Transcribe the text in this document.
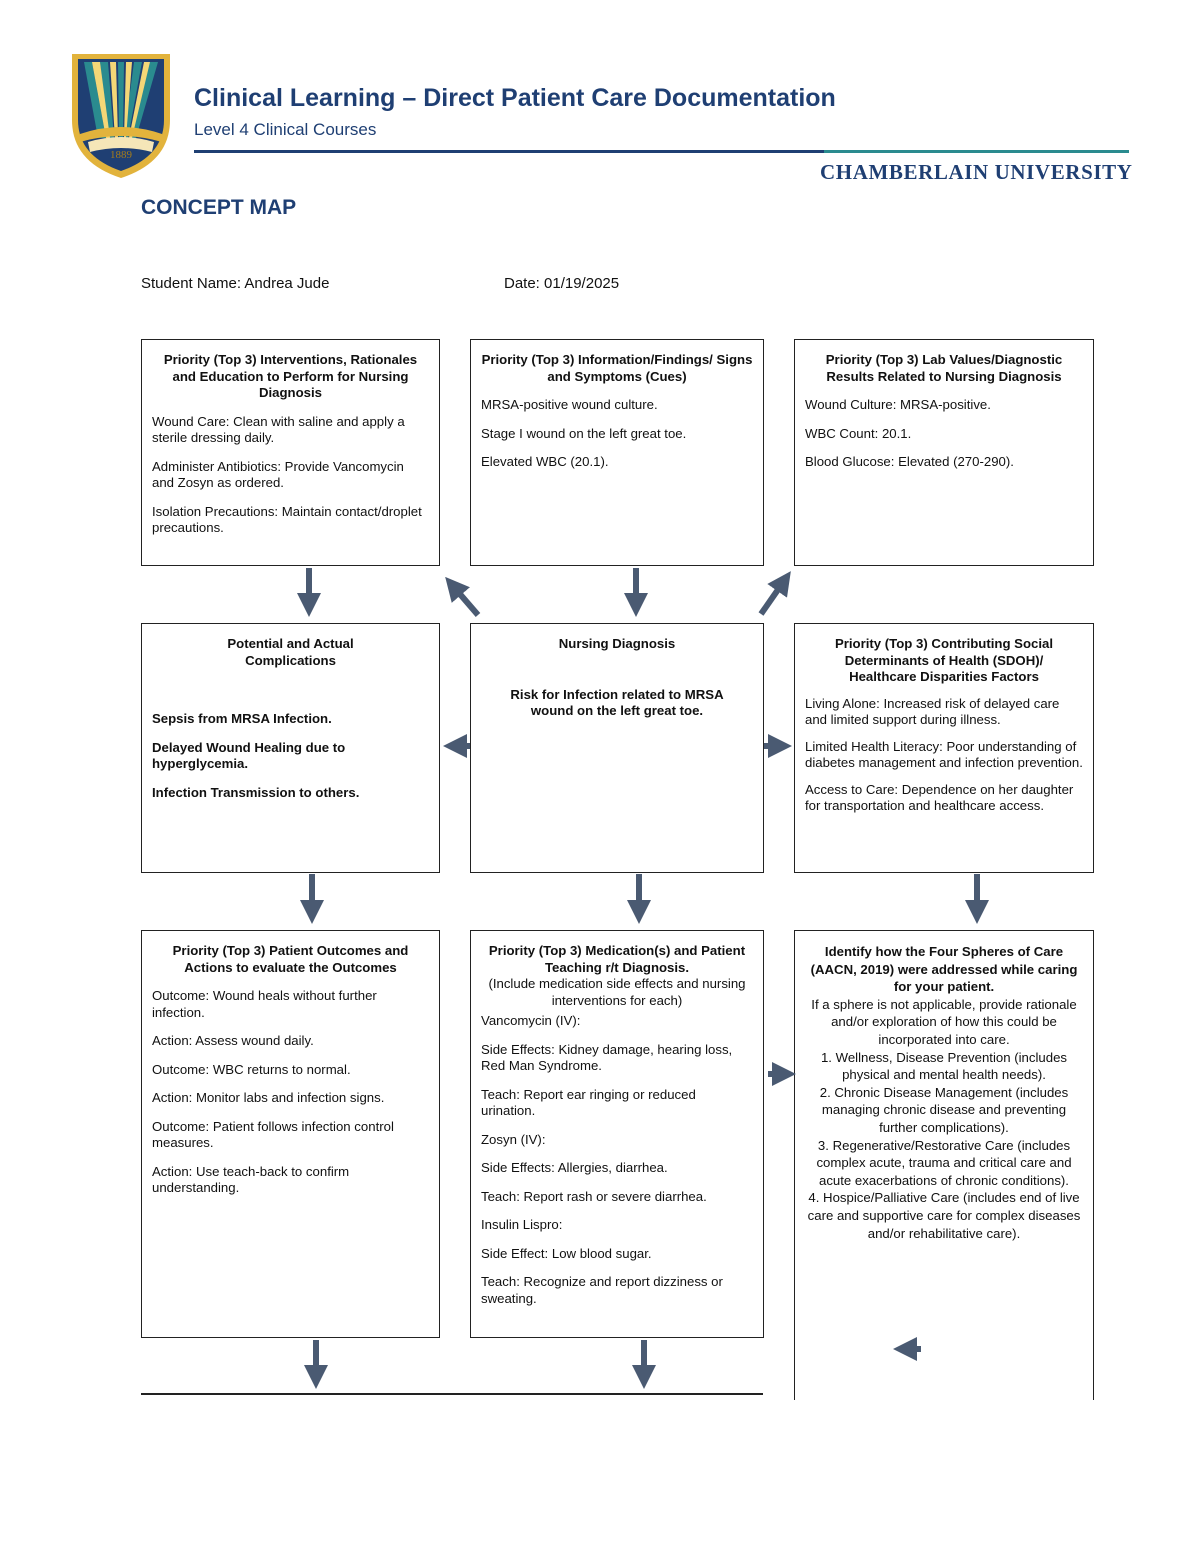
1889
Clinical Learning – Direct Patient Care Documentation
Level 4 Clinical Courses
CHAMBERLAIN UNIVERSITY
CONCEPT MAP
Student Name: Andrea Jude	Date: 01/19/2025
Priority (Top 3) Interventions, Rationales and Education to Perform for Nursing Diagnosis

Wound Care: Clean with saline and apply a sterile dressing daily.

Administer Antibiotics: Provide Vancomycin and Zosyn as ordered.

Isolation Precautions: Maintain contact/droplet precautions.

Priority (Top 3) Information/Findings/ Signs and Symptoms (Cues)

MRSA-positive wound culture.

Stage I wound on the left great toe.

Elevated WBC (20.1).

Priority (Top 3) Lab Values/Diagnostic Results Related to Nursing Diagnosis

Wound Culture: MRSA-positive.

WBC Count: 20.1.

Blood Glucose: Elevated (270-290).

Potential and Actual Complications

Sepsis from MRSA Infection.

Delayed Wound Healing due to hyperglycemia.

Infection Transmission to others.

Nursing Diagnosis

Risk for Infection related to MRSA wound on the left great toe.

Priority (Top 3) Contributing Social Determinants of Health (SDOH)/ Healthcare Disparities Factors

Living Alone: Increased risk of delayed care and limited support during illness.

Limited Health Literacy: Poor understanding of diabetes management and infection prevention.

Access to Care: Dependence on her daughter for transportation and healthcare access.

Priority (Top 3) Patient Outcomes and Actions to evaluate the Outcomes

Outcome: Wound heals without further infection.

Action: Assess wound daily.

Outcome: WBC returns to normal.

Action: Monitor labs and infection signs.

Outcome: Patient follows infection control measures.

Action: Use teach-back to confirm understanding.

Priority (Top 3) Medication(s) and Patient Teaching r/t Diagnosis.
(Include medication side effects and nursing interventions for each)

Vancomycin (IV):

Side Effects: Kidney damage, hearing loss, Red Man Syndrome.

Teach: Report ear ringing or reduced urination.

Zosyn (IV):

Side Effects: Allergies, diarrhea.

Teach: Report rash or severe diarrhea.

Insulin Lispro:

Side Effect: Low blood sugar.

Teach: Recognize and report dizziness or sweating.

Identify how the Four Spheres of Care (AACN, 2019) were addressed while caring for your patient.

If a sphere is not applicable, provide rationale

and/or exploration of how this could be incorporated into care.

1. Wellness, Disease Prevention (includes physical and mental health needs).

2. Chronic Disease Management (includes managing chronic disease and preventing further complications).

3. Regenerative/Restorative Care (includes complex acute, trauma and critical care and acute exacerbations of chronic conditions).

4. Hospice/Palliative Care (includes end of live care and supportive care for complex diseases and/or rehabilitative care).
